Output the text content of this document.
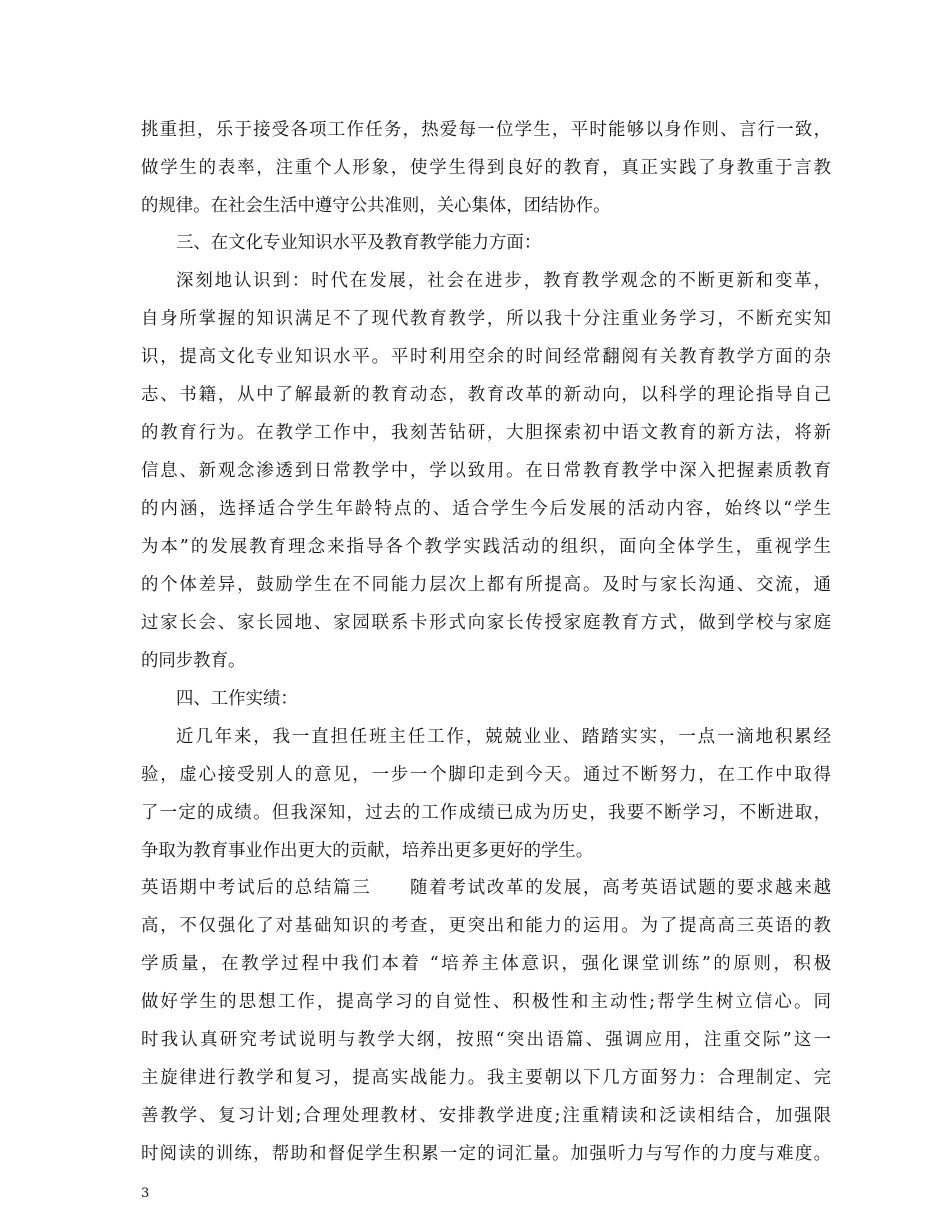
挑重担，乐于接受各项工作任务，热爱每一位学生，平时能够以身作则、言行一致，
做学生的表率，注重个人形象，使学生得到良好的教育，真正实践了身教重于言教
的规律。在社会生活中遵守公共准则，关心集体，团结协作。
三、在文化专业知识水平及教育教学能力方面：
深刻地认识到：时代在发展，社会在进步，教育教学观念的不断更新和变革，
自身所掌握的知识满足不了现代教育教学，所以我十分注重业务学习，不断充实知
识，提高文化专业知识水平。平时利用空余的时间经常翻阅有关教育教学方面的杂
志、书籍，从中了解最新的教育动态，教育改革的新动向，以科学的理论指导自己
的教育行为。在教学工作中，我刻苦钻研，大胆探索初中语文教育的新方法，将新
信息、新观念渗透到日常教学中，学以致用。在日常教育教学中深入把握素质教育
的内涵，选择适合学生年龄特点的、适合学生今后发展的活动内容，始终以“学生
为本”的发展教育理念来指导各个教学实践活动的组织，面向全体学生，重视学生
的个体差异，鼓励学生在不同能力层次上都有所提高。及时与家长沟通、交流，通
过家长会、家长园地、家园联系卡形式向家长传授家庭教育方式，做到学校与家庭
的同步教育。
四、工作实绩：
近几年来，我一直担任班主任工作，兢兢业业、踏踏实实，一点一滴地积累经
验，虚心接受别人的意见，一步一个脚印走到今天。通过不断努力，在工作中取得
了一定的成绩。但我深知，过去的工作成绩已成为历史，我要不断学习，不断进取，
争取为教育事业作出更大的贡献，培养出更多更好的学生。
英语期中考试后的总结篇三　　随着考试改革的发展，高考英语试题的要求越来越
高，不仅强化了对基础知识的考查，更突出和能力的运用。为了提高高三英语的教
学质量，在教学过程中我们本着 “培养主体意识，强化课堂训练”的原则，积极
做好学生的思想工作，提高学习的自觉性、积极性和主动性;帮学生树立信心。同
时我认真研究考试说明与教学大纲，按照“突出语篇、强调应用，注重交际”这一
主旋律进行教学和复习，提高实战能力。我主要朝以下几方面努力：合理制定、完
善教学、复习计划;合理处理教材、安排教学进度;注重精读和泛读相结合，加强限
时阅读的训练，帮助和督促学生积累一定的词汇量。加强听力与写作的力度与难度。
3
